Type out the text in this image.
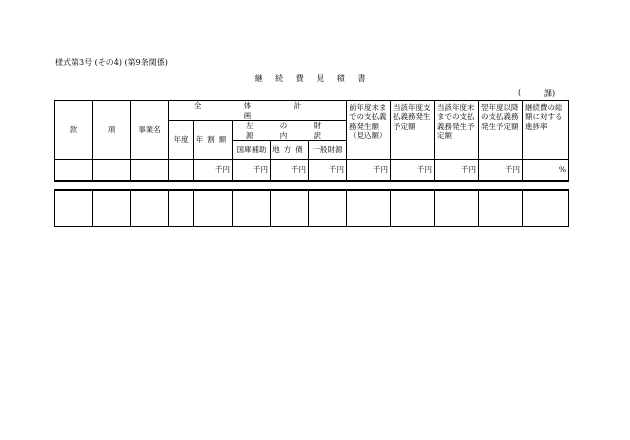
様式第3号 (その4) (第9条関係)
継 続 費 見 積 書
(	課)
款	項	事業名	全 体 計 画					前年度末までの支払義務発生額（見込額）	当該年度支払義務発生予定額	当該年度末までの支払義務発生予定額	翌年度以降の支払義務発生予定額	継続費の総額に対する進捗率
			年度	年割額	左 の 財 源 内 訳							
					国庫補助	地方債	一般財源					
				千円	千円	千円	千円	千円	千円	千円	千円	%
